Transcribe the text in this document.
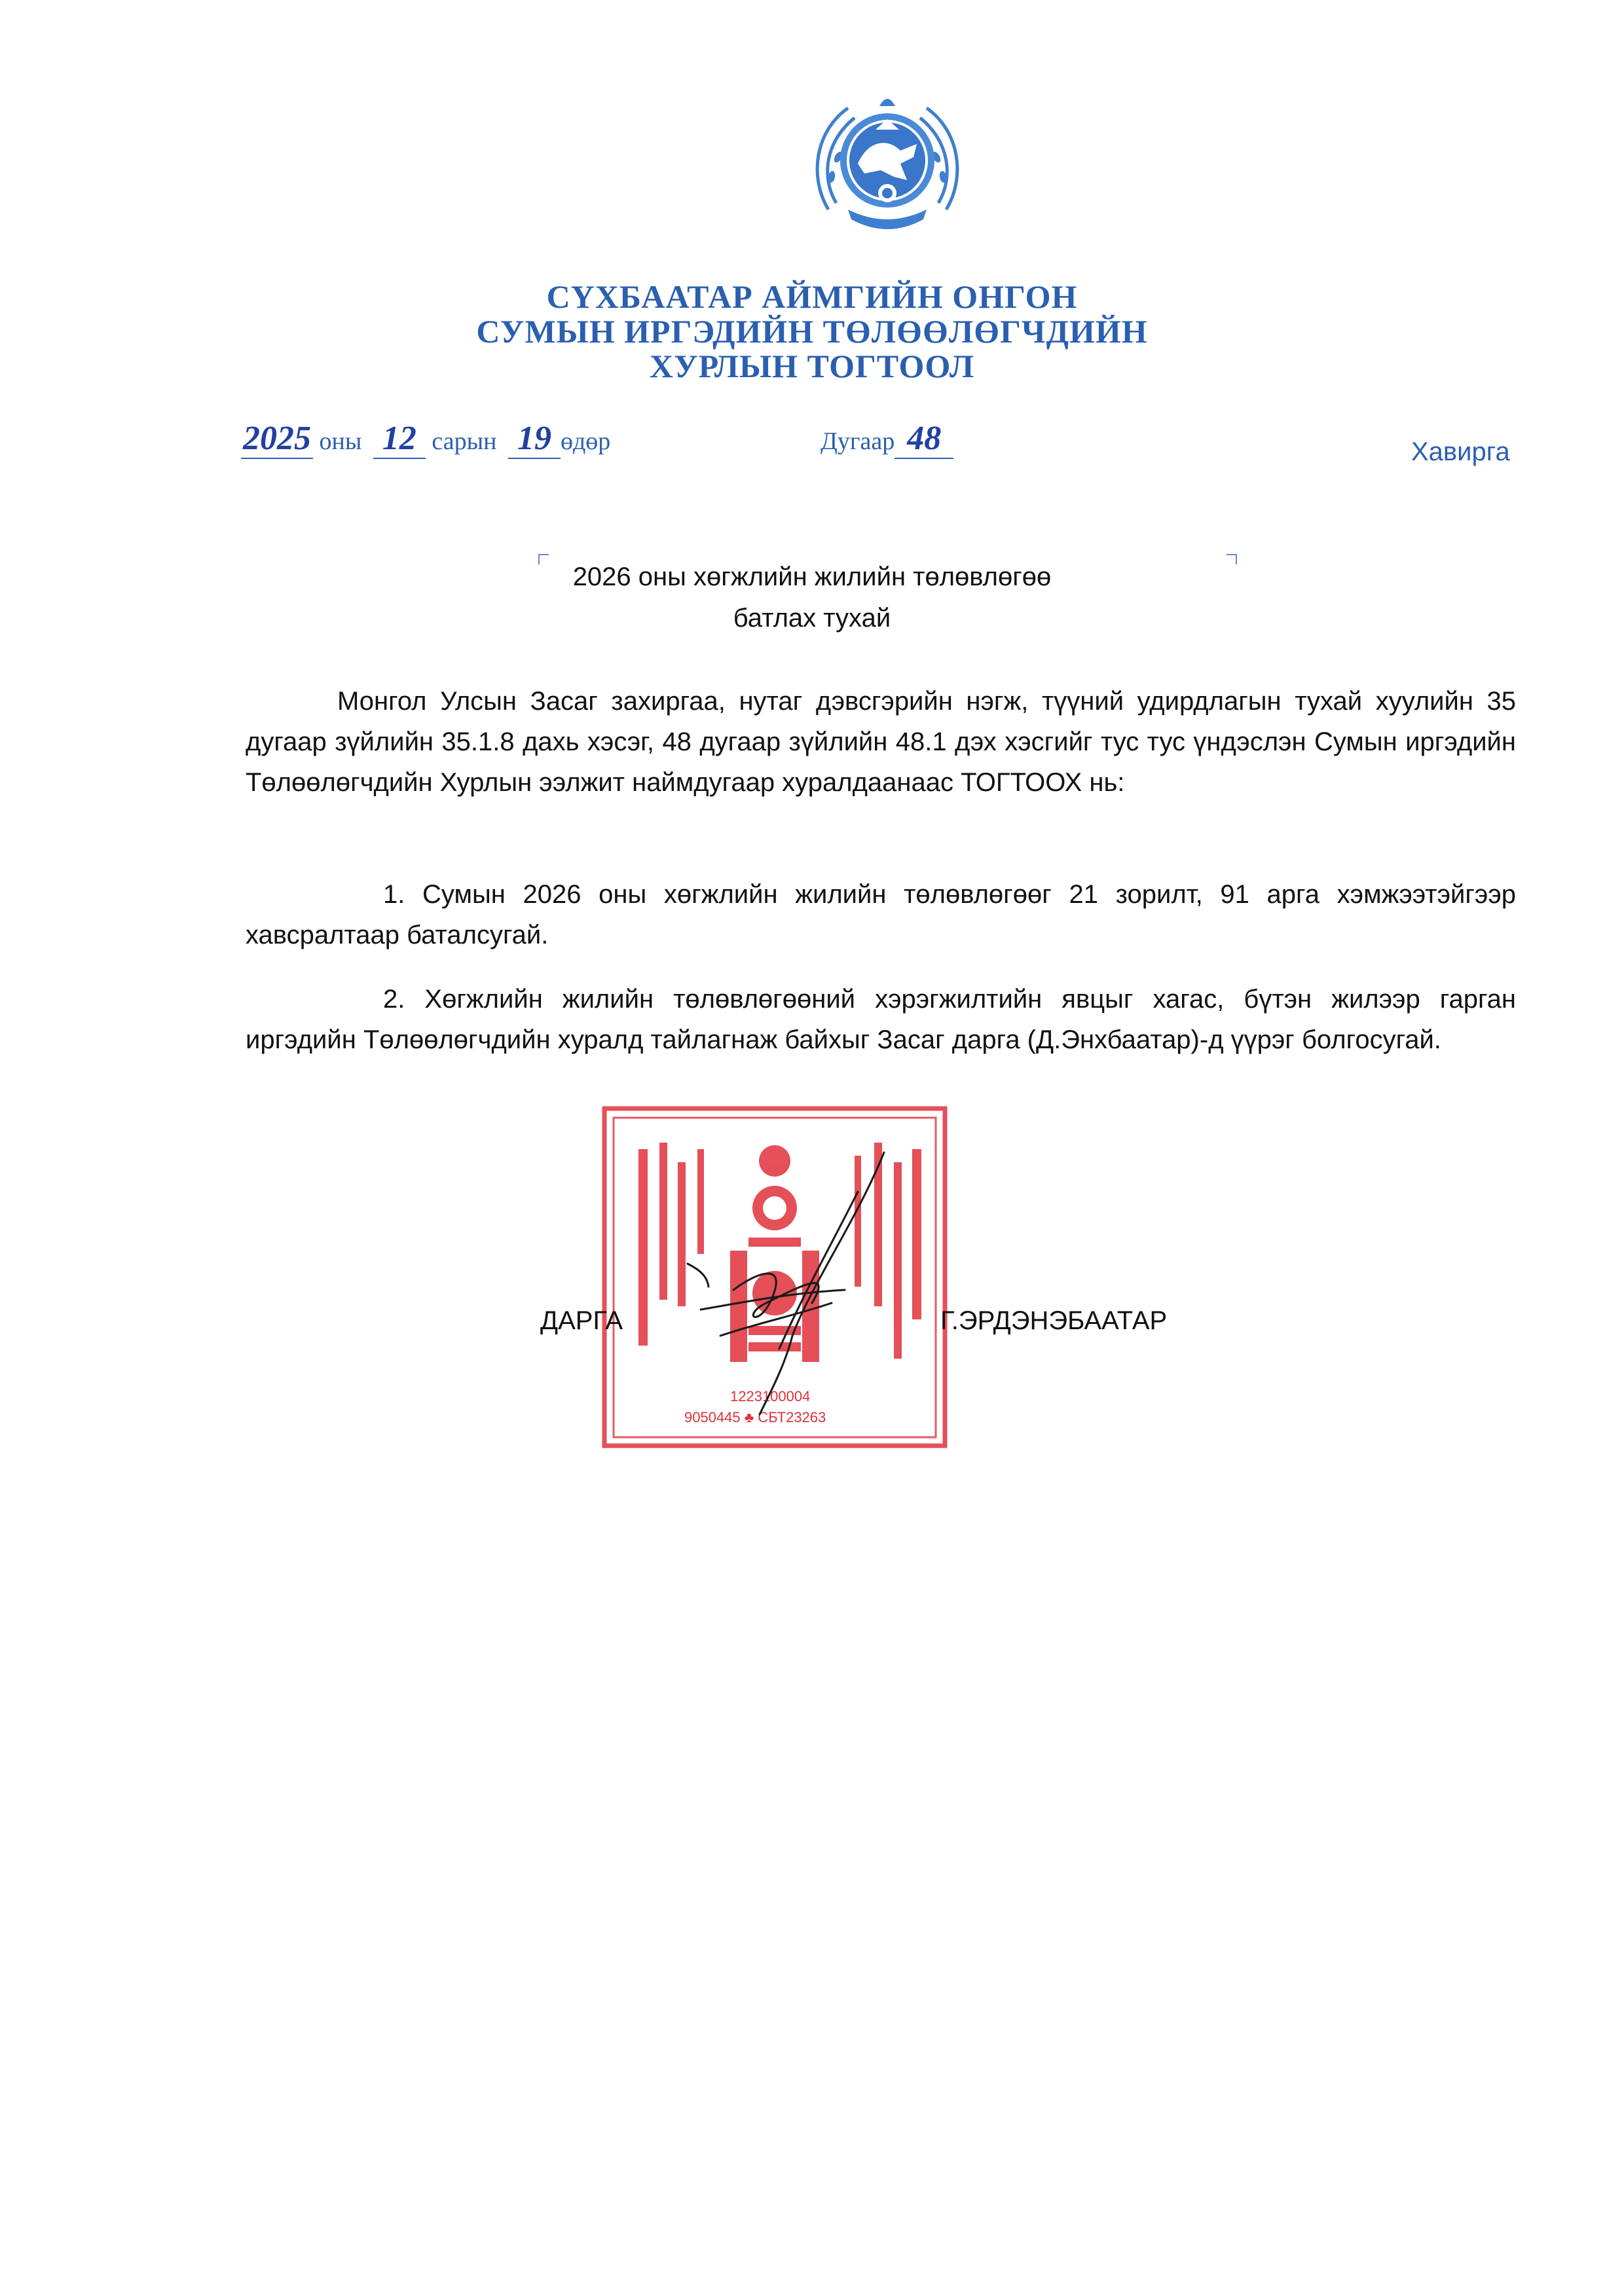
СҮХБААТАР АЙМГИЙН ОНГОН
СУМЫН ИРГЭДИЙН ТӨЛӨӨЛӨГЧДИЙН
ХУРЛЫН ТОГТООЛ
2025 оны 12 сарын 19 өдөр	Дугаар 48	Хавирга
2026 оны хөгжлийн жилийн төлөвлөгөө
батлах тухай
Монгол Улсын Засаг захиргаа, нутаг дэвсгэрийн нэгж, түүний удирдлагын тухай хуулийн 35 дугаар зүйлийн 35.1.8 дахь хэсэг, 48 дугаар зүйлийн 48.1 дэх хэсгийг тус тус үндэслэн Сумын иргэдийн Төлөөлөгчдийн Хурлын ээлжит наймдугаар хуралдаанаас ТОГТООХ нь:
1. Сумын 2026 оны хөгжлийн жилийн төлөвлөгөөг 21 зорилт, 91 арга хэмжээтэйгээр хавсралтаар баталсугай.
2. Хөгжлийн жилийн төлөвлөгөөний хэрэгжилтийн явцыг хагас, бүтэн жилээр гарган иргэдийн Төлөөлөгчдийн хуралд тайлагнаж байхыг Засаг дарга (Д.Энхбаатар)-д үүрэг болгосугай.
1223100004
9050445 ♣ СБТ23263
ДАРГА	Г.ЭРДЭНЭБААТАР
